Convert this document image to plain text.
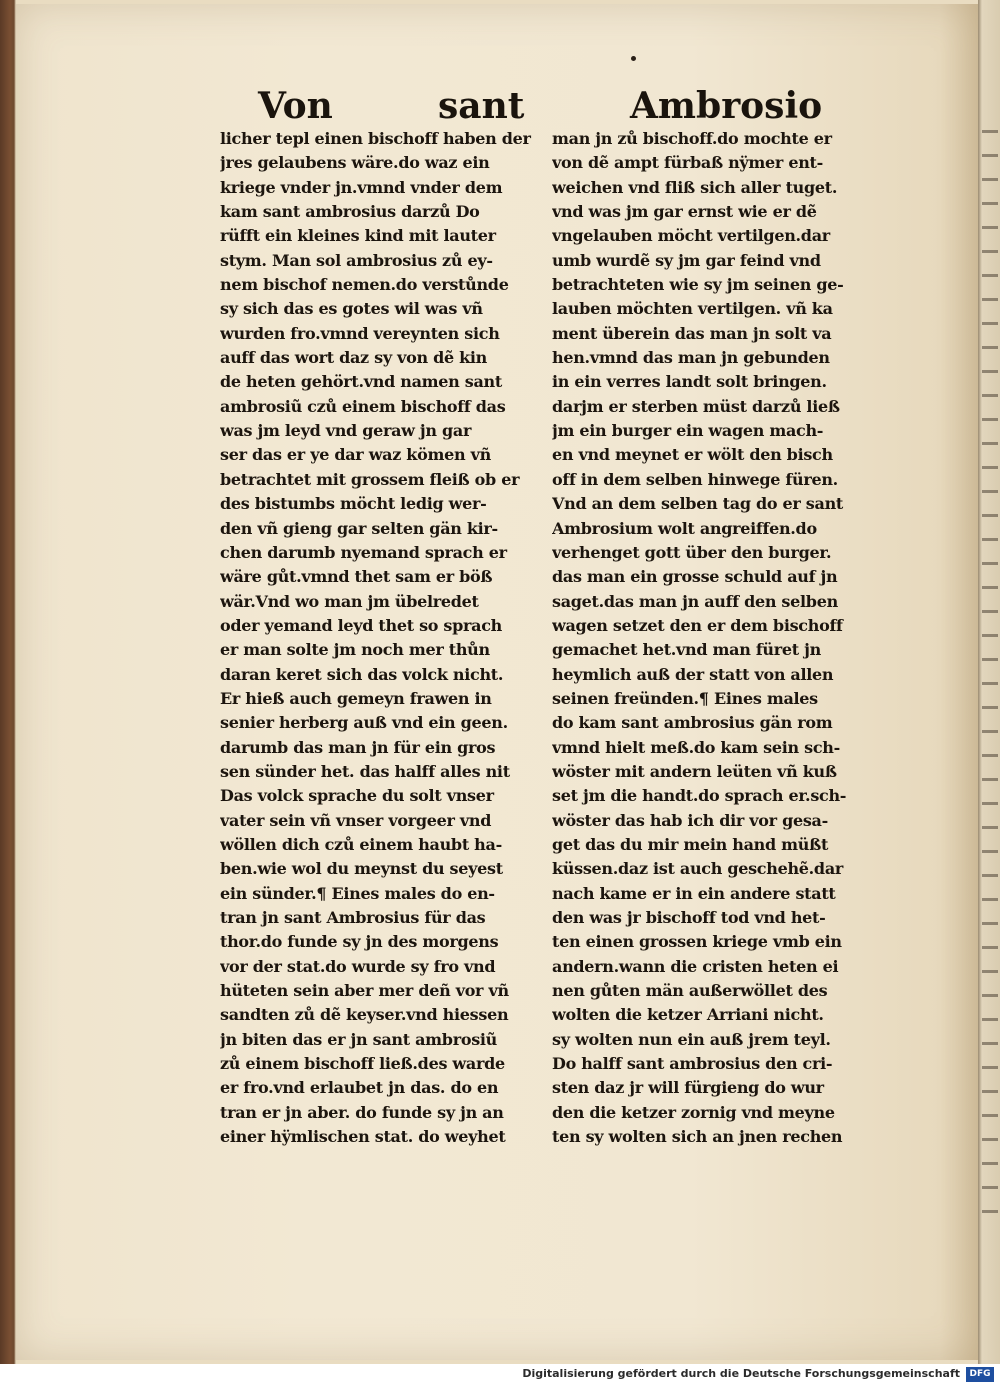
Von	sant	Ambrosio
licher tepl einen bischoff haben der
jres gelaubens wäre.do waz ein
kriege vnder jn.vmnd vnder dem
kam sant ambrosius darzů Do
rüfft ein kleines kind mit lauter
stym. Man sol ambrosius zů ey-
nem bischof nemen.do verstůnde
sy sich das es gotes wil was vñ
wurden fro.vmnd vereynten sich
auff das wort daz sy von dẽ kin
de heten gehört.vnd namen sant
ambrosiũ czů einem bischoff das
was jm leyd vnd geraw jn gar
ser das er ye dar waz kömen vñ
betrachtet mit grossem fleiß ob er
des bistumbs möcht ledig wer-
den vñ gieng gar selten gän kir-
chen darumb nyemand sprach er
wäre gůt.vmnd thet sam er böß
wär.Vnd wo man jm übelredet
oder yemand leyd thet so sprach
er man solte jm noch mer thůn
daran keret sich das volck nicht.
Er hieß auch gemeyn frawen in
senier herberg auß vnd ein geen.
darumb das man jn für ein gros
sen sünder het. das halff alles nit
Das volck sprache du solt vnser
vater sein vñ vnser vorgeer vnd
wöllen dich czů einem haubt ha-
ben.wie wol du meynst du seyest
ein sünder.¶ Eines males do en-
tran jn sant Ambrosius für das
thor.do funde sy jn des morgens
vor der stat.do wurde sy fro vnd
hüteten sein aber mer deñ vor vñ
sandten zů dẽ keyser.vnd hiessen
jn biten das er jn sant ambrosiũ
zů einem bischoff ließ.des warde
er fro.vnd erlaubet jn das. do en
tran er jn aber. do funde sy jn an
einer hÿmlischen stat. do weyhet
man jn zů bischoff.do mochte er
von dẽ ampt fürbaß nÿmer ent-
weichen vnd fliß sich aller tuget.
vnd was jm gar ernst wie er dẽ
vngelauben möcht vertilgen.dar
umb wurdẽ sy jm gar feind vnd
betrachteten wie sy jm seinen ge-
lauben möchten vertilgen. vñ ka
ment überein das man jn solt va
hen.vmnd das man jn gebunden
in ein verres landt solt bringen.
darjm er sterben müst darzů ließ
jm ein burger ein wagen mach-
en vnd meynet er wölt den bisch
off in dem selben hinwege füren.
Vnd an dem selben tag do er sant
Ambrosium wolt angreiffen.do
verhenget gott über den burger.
das man ein grosse schuld auf jn
saget.das man jn auff den selben
wagen setzet den er dem bischoff
gemachet het.vnd man füret jn
heymlich auß der statt von allen
seinen freünden.¶ Eines males
do kam sant ambrosius gän rom
vmnd hielt meß.do kam sein sch-
wöster mit andern leüten vñ kuß
set jm die handt.do sprach er.sch-
wöster das hab ich dir vor gesa-
get das du mir mein hand müßt
küssen.daz ist auch geschehẽ.dar
nach kame er in ein andere statt
den was jr bischoff tod vnd het-
ten einen grossen kriege vmb ein
andern.wann die cristen heten ei
nen gůten män außerwöllet des
wolten die ketzer Arriani nicht.
sy wolten nun ein auß jrem teyl.
Do halff sant ambrosius den cri-
sten daz jr will fürgieng do wur
den die ketzer zornig vnd meyne
ten sy wolten sich an jnen rechen
Digitalisierung gefördert durch die Deutsche Forschungsgemeinschaft	DFG
